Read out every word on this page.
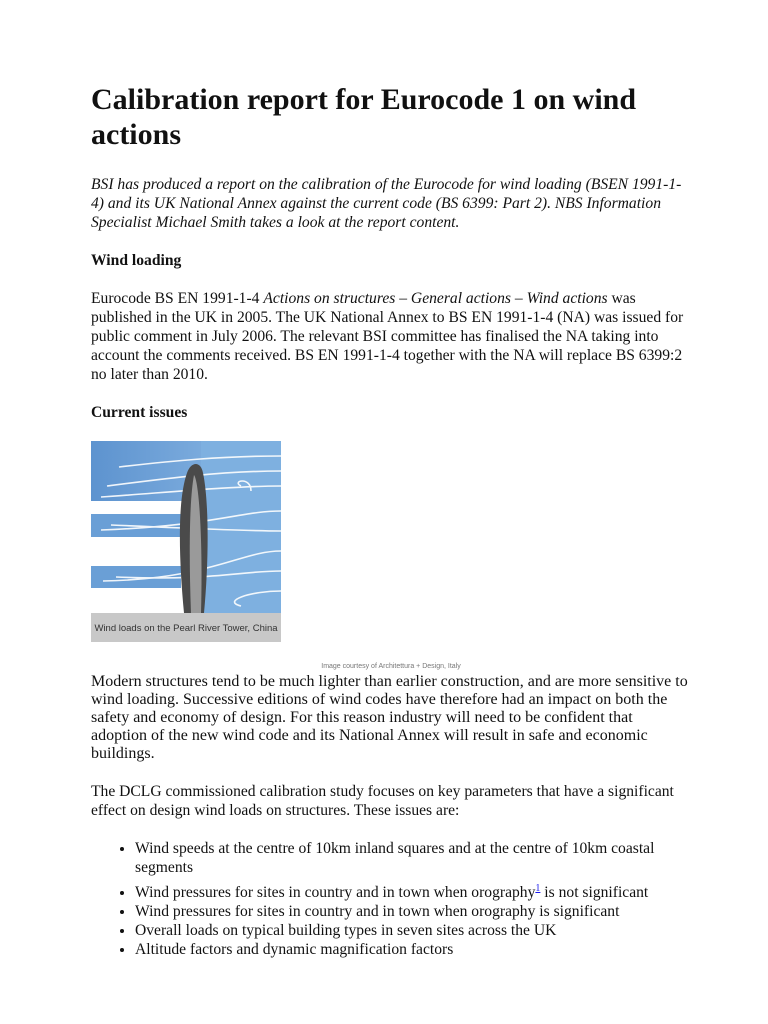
Calibration report for Eurocode 1 on wind actions

BSI has produced a report on the calibration of the Eurocode for wind loading (BSEN 1991-1-4) and its UK National Annex against the current code (BS 6399: Part 2). NBS Information Specialist Michael Smith takes a look at the report content.

Wind loading

Eurocode BS EN 1991-1-4 Actions on structures – General actions – Wind actions was published in the UK in 2005. The UK National Annex to BS EN 1991-1-4 (NA) was issued for public comment in July 2006. The relevant BSI committee has finalised the NA taking into account the comments received. BS EN 1991-1-4 together with the NA will replace BS 6399:2 no later than 2010.

Current issues

Wind loads on the Pearl River Tower, China

Image courtesy of Architettura + Design, Italy
Modern structures tend to be much lighter than earlier construction, and are more sensitive to wind loading. Successive editions of wind codes have therefore had an impact on both the safety and economy of design. For this reason industry will need to be confident that adoption of the new wind code and its National Annex will result in safe and economic buildings.

The DCLG commissioned calibration study focuses on key parameters that have a significant effect on design wind loads on structures. These issues are:

• Wind speeds at the centre of 10km inland squares and at the centre of 10km coastal segments
• Wind pressures for sites in country and in town when orography$^1$ is not significant
• Wind pressures for sites in country and in town when orography is significant
• Overall loads on typical building types in seven sites across the UK
• Altitude factors and dynamic magnification factors
